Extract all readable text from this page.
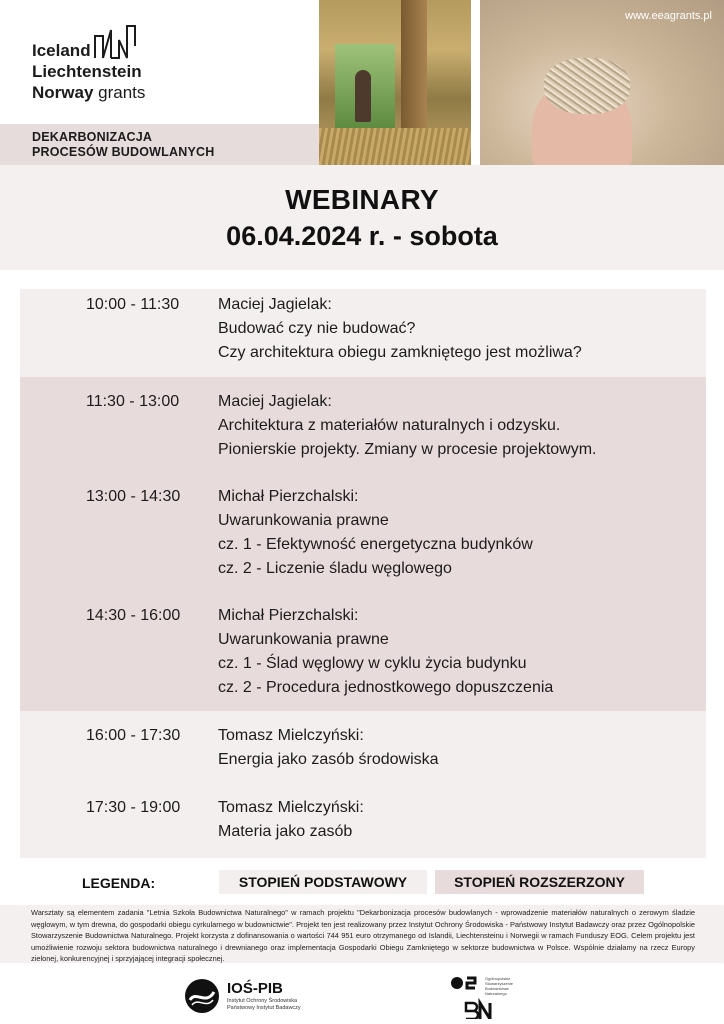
Iceland
Liechtenstein
Norway grants
DEKARBONIZACJA
PROCESÓW BUDOWLANYCH
www.eeagrants.pl
WEBINARY
06.04.2024 r. - sobota
10:00 - 11:30 Maciej Jagielak:
Budować czy nie budować?
Czy architektura obiegu zamkniętego jest możliwa?
11:30 - 13:00 Maciej Jagielak:
Architektura z materiałów naturalnych i odzysku.
Pionierskie projekty. Zmiany w procesie projektowym.
13:00 - 14:30 Michał Pierzchalski:
Uwarunkowania prawne
cz. 1 - Efektywność energetyczna budynków
cz. 2 - Liczenie śladu węglowego
14:30 - 16:00 Michał Pierzchalski:
Uwarunkowania prawne
cz. 1 - Ślad węglowy w cyklu życia budynku
cz. 2 - Procedura jednostkowego dopuszczenia
16:00 - 17:30 Tomasz Mielczyński:
Energia jako zasób środowiska
17:30 - 19:00 Tomasz Mielczyński:
Materia jako zasób
LEGENDA:	STOPIEŃ PODSTAWOWY	STOPIEŃ ROZSZERZONY
Warsztaty są elementem zadania "Letnia Szkoła Budownictwa Naturalnego" w ramach projektu "Dekarbonizacja procesów budowlanych - wprowadzenie materiałów naturalnych o zerowym śladzie węglowym, w tym drewna, do gospodarki obiegu cyrkularnego w budownictwie". Projekt ten jest realizowany przez Instytut Ochrony Środowiska - Państwowy Instytut Badawczy oraz przez Ogólnopolskie Stowarzyszenie Budownictwa Naturalnego. Projekt korzysta z dofinansowania o wartości 744 951 euro otrzymanego od Islandii, Liechtensteinu i Norwegii w ramach Funduszy EOG. Celem projektu jest umożliwienie rozwoju sektora budownictwa naturalnego i drewnianego oraz implementacja Gospodarki Obiegu Zamkniętego w sektorze budownictwa w Polsce. Wspólnie działamy na rzecz Europy zielonej, konkurencyjnej i sprzyjającej integracji społecznej.
IOŚ-PIB
Instytut Ochrony Środowiska
Państwowy Instytut Badawczy
Ogólnopolskie
Stowarzyszenie
Budownictwa
Naturalnego
